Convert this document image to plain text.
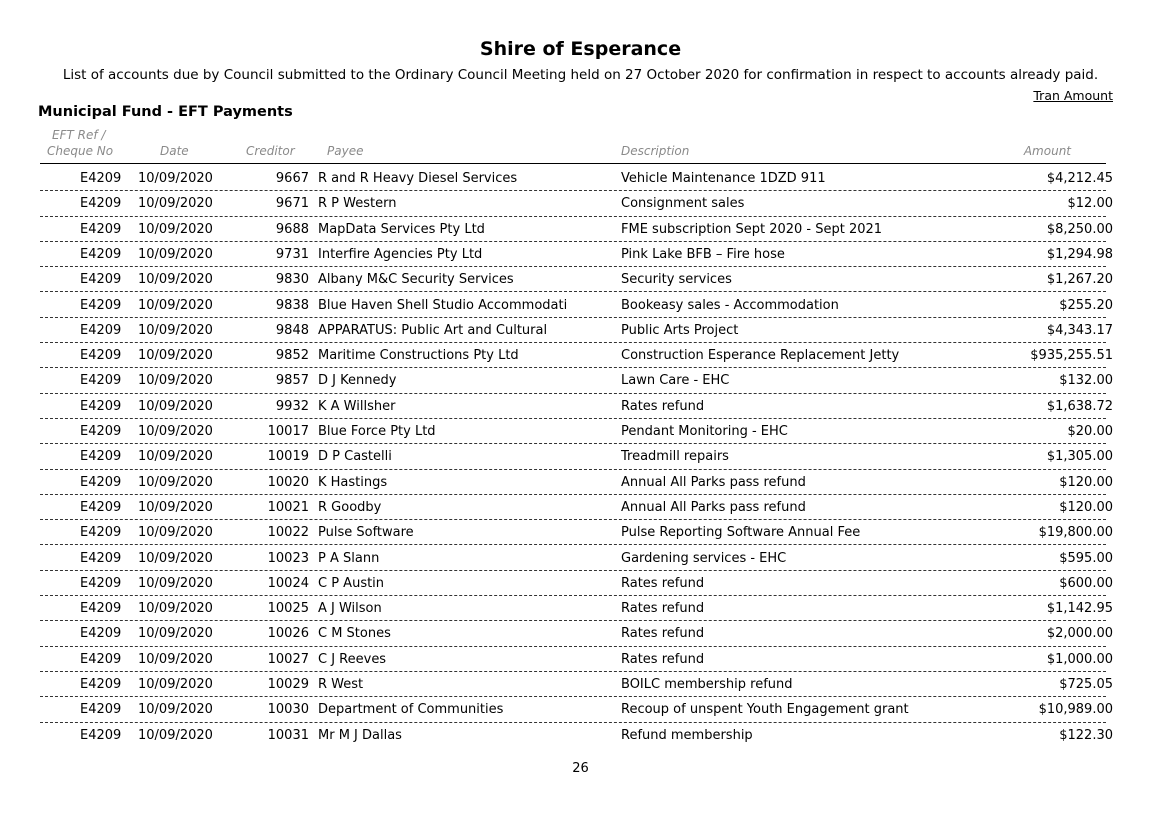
Shire of Esperance
List of accounts due by Council submitted to the Ordinary Council Meeting held on 27 October 2020 for confirmation in respect to accounts already paid.
Tran Amount
Municipal Fund - EFT Payments
EFT Ref /
Cheque No	Date	Creditor	Payee	Description	Amount
E4209 10/09/2020	9667 R and R Heavy Diesel Services	Vehicle Maintenance 1DZD 911	$4,212.45
E4209 10/09/2020	9671 R P Western	Consignment sales	$12.00
E4209 10/09/2020	9688 MapData Services Pty Ltd	FME subscription Sept 2020 - Sept 2021	$8,250.00
E4209 10/09/2020	9731 Interfire Agencies Pty Ltd	Pink Lake BFB – Fire hose	$1,294.98
E4209 10/09/2020	9830 Albany M&C Security Services	Security services	$1,267.20
E4209 10/09/2020	9838 Blue Haven Shell Studio Accommodati	Bookeasy sales - Accommodation	$255.20
E4209 10/09/2020	9848 APPARATUS: Public Art and Cultural	Public Arts Project	$4,343.17
E4209 10/09/2020	9852 Maritime Constructions Pty Ltd	Construction Esperance Replacement Jetty	$935,255.51
E4209 10/09/2020	9857 D J Kennedy	Lawn Care - EHC	$132.00
E4209 10/09/2020	9932 K A Willsher	Rates refund	$1,638.72
E4209 10/09/2020	10017 Blue Force Pty Ltd	Pendant Monitoring - EHC	$20.00
E4209 10/09/2020	10019 D P Castelli	Treadmill repairs	$1,305.00
E4209 10/09/2020	10020 K Hastings	Annual All Parks pass refund	$120.00
E4209 10/09/2020	10021 R Goodby	Annual All Parks pass refund	$120.00
E4209 10/09/2020	10022 Pulse Software	Pulse Reporting Software Annual Fee	$19,800.00
E4209 10/09/2020	10023 P A Slann	Gardening services - EHC	$595.00
E4209 10/09/2020	10024 C P Austin	Rates refund	$600.00
E4209 10/09/2020	10025 A J Wilson	Rates refund	$1,142.95
E4209 10/09/2020	10026 C M Stones	Rates refund	$2,000.00
E4209 10/09/2020	10027 C J Reeves	Rates refund	$1,000.00
E4209 10/09/2020	10029 R West	BOILC membership refund	$725.05
E4209 10/09/2020	10030 Department of Communities	Recoup of unspent Youth Engagement grant	$10,989.00
E4209 10/09/2020	10031 Mr M J Dallas	Refund membership	$122.30
26
